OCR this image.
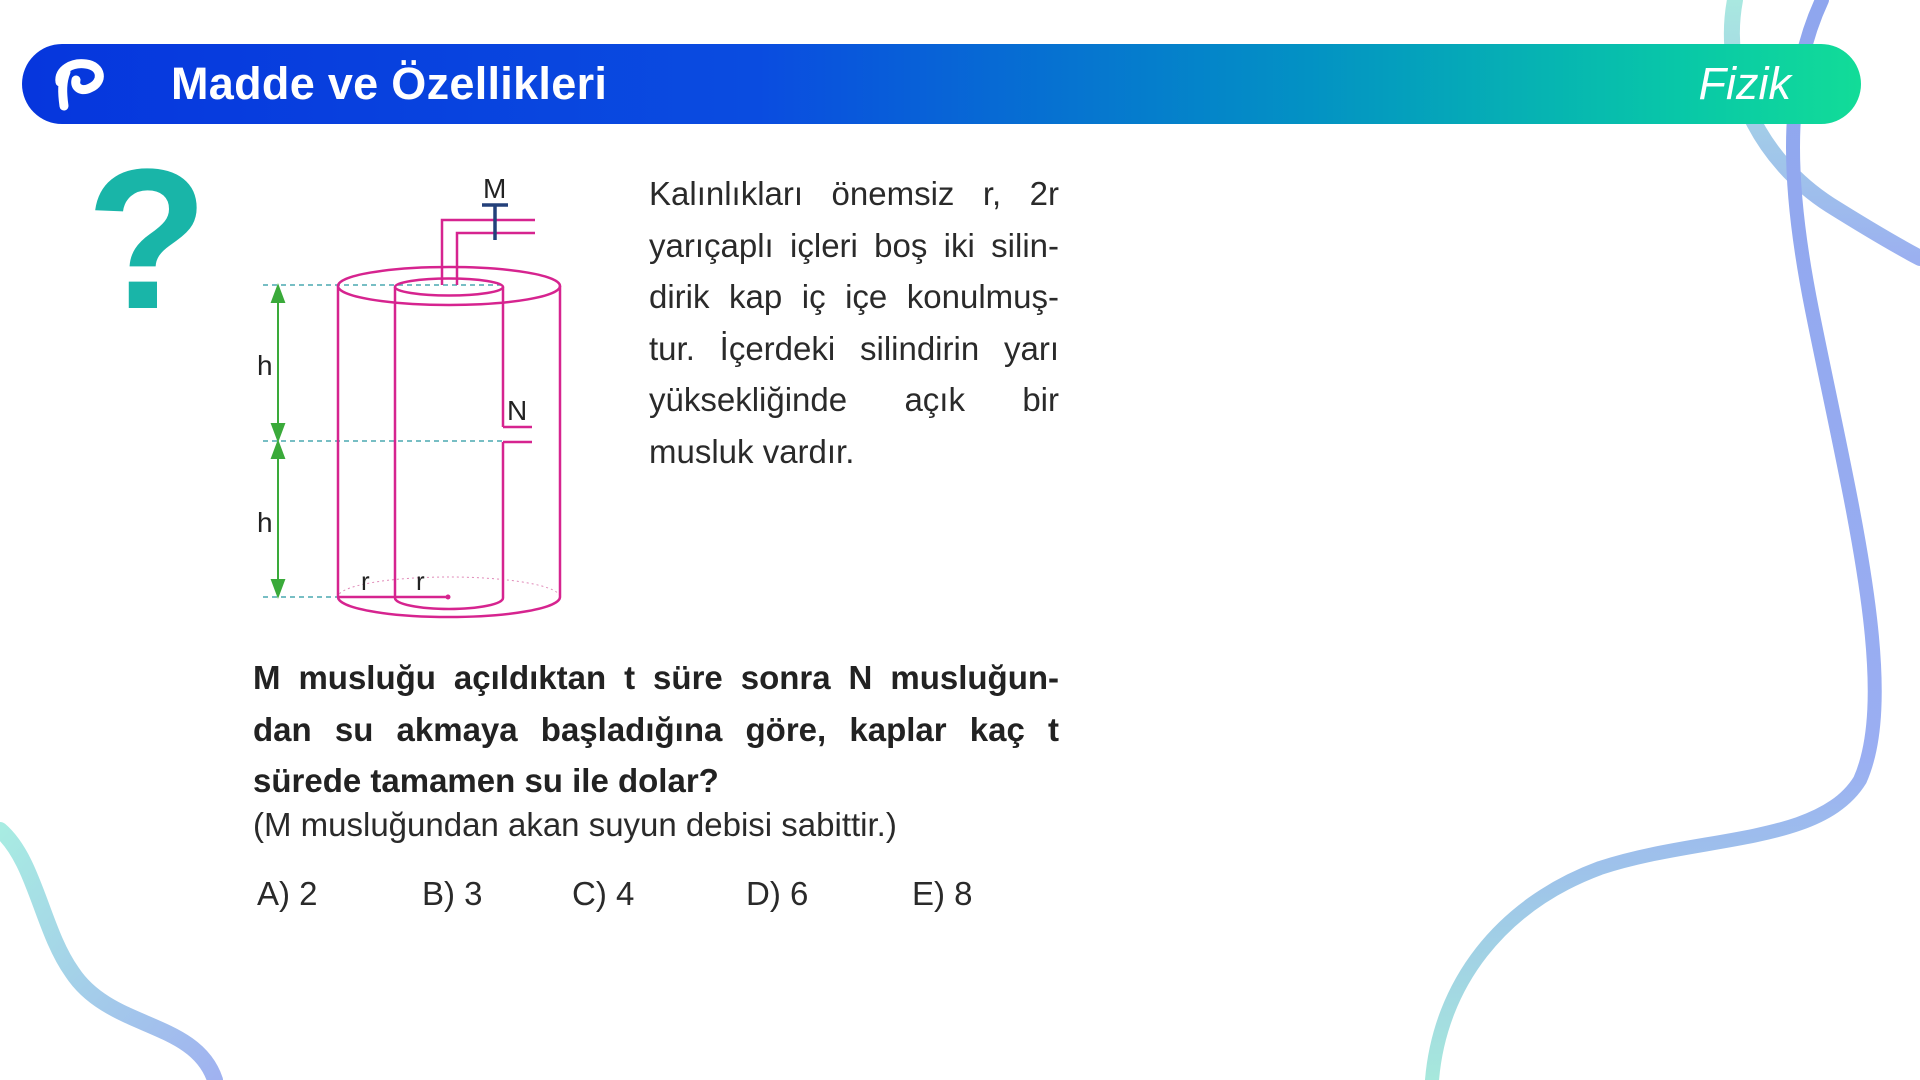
Madde ve Özellikleri	Fizik
?	M
N
h
h
r r
Kalınlıkları önemsiz r, 2r
yarıçaplı içleri boş iki silin-
dirik kap iç içe konulmuş-
tur. İçerdeki silindirin yarı
yüksekliğinde açık bir
musluk vardır.
M musluğu açıldıktan t süre sonra N musluğun-
dan su akmaya başladığına göre, kaplar kaç t
sürede tamamen su ile dolar?
(M musluğundan akan suyun debisi sabittir.)
A) 2	B) 3	C) 4	D) 6	E) 8
